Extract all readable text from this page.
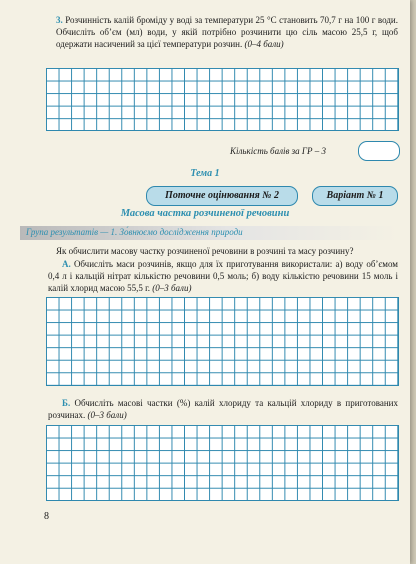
3. Розчинність калій броміду у воді за температури 25 °С становить 70,7 г на 100 г води. Обчисліть об’єм (мл) води, у якій потрібно розчинити цю сіль масою 25,5 г, щоб одержати насичений за цієї температури розчин. (0–4 бали)
Кількість балів за ГР – 3
Тема 1
Поточне оцінювання № 2	Варіант № 1
Масова частка розчиненої речовини
Група результатів — 1. Зо́внюємо дослідження природи
Як обчислити масову частку розчиненої речовини в розчині та масу розчину?
А. Обчисліть маси розчинів, якщо для їх приготування використали: а) воду об’ємом 0,4 л і кальцій нітрат кількістю речовини 0,5 моль; б) воду кількістю речовини 15 моль і калій хлорид масою 55,5 г. (0–3 бали)
Б. Обчисліть масові частки (%) калій хлориду та кальцій хлориду в приготованих розчинах. (0–3 бали)
8
